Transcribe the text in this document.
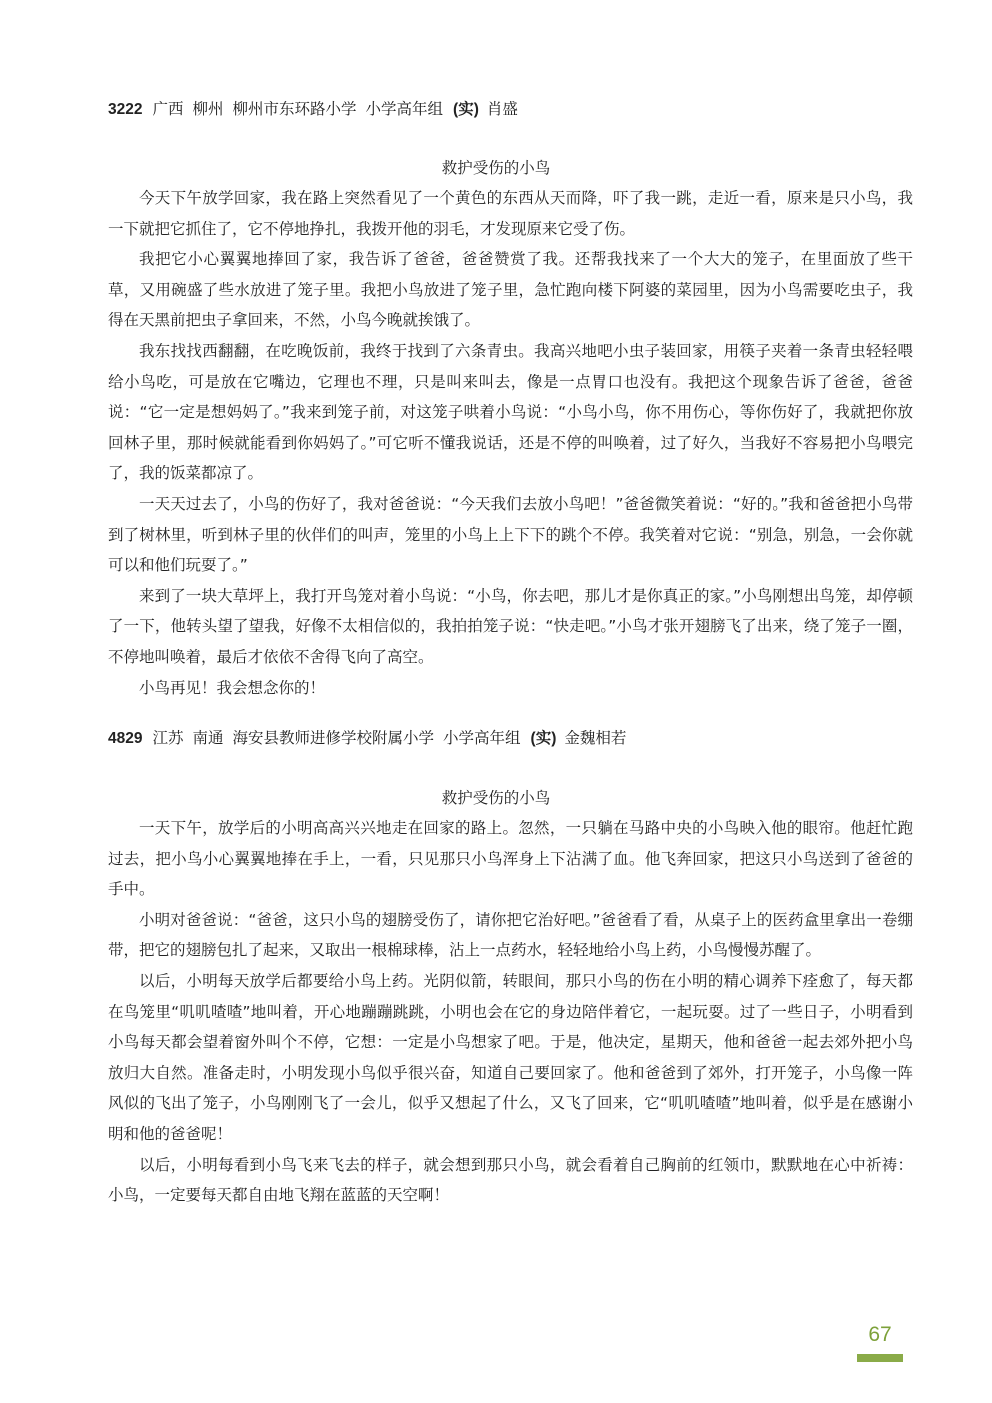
3222 广西 柳州 柳州市东环路小学 小学高年组 (实) 肖盛
救护受伤的小鸟

今天下午放学回家，我在路上突然看见了一个黄色的东西从天而降，吓了我一跳，走近一看，原来是只小鸟，我一下就把它抓住了，它不停地挣扎，我拨开他的羽毛，才发现原来它受了伤。

我把它小心翼翼地捧回了家，我告诉了爸爸，爸爸赞赏了我。还帮我找来了一个大大的笼子，在里面放了些干草，又用碗盛了些水放进了笼子里。我把小鸟放进了笼子里，急忙跑向楼下阿婆的菜园里，因为小鸟需要吃虫子，我得在天黑前把虫子拿回来，不然，小鸟今晚就挨饿了。

我东找找西翻翻，在吃晚饭前，我终于找到了六条青虫。我高兴地吧小虫子装回家，用筷子夹着一条青虫轻轻喂给小鸟吃，可是放在它嘴边，它理也不理，只是叫来叫去，像是一点胃口也没有。我把这个现象告诉了爸爸，爸爸说：“它一定是想妈妈了。”我来到笼子前，对这笼子哄着小鸟说：“小鸟小鸟，你不用伤心，等你伤好了，我就把你放回林子里，那时候就能看到你妈妈了。”可它听不懂我说话，还是不停的叫唤着，过了好久，当我好不容易把小鸟喂完了，我的饭菜都凉了。

一天天过去了，小鸟的伤好了，我对爸爸说：“今天我们去放小鸟吧！”爸爸微笑着说：“好的。”我和爸爸把小鸟带到了树林里，听到林子里的伙伴们的叫声，笼里的小鸟上上下下的跳个不停。我笑着对它说：“别急，别急，一会你就可以和他们玩耍了。”

来到了一块大草坪上，我打开鸟笼对着小鸟说：“小鸟，你去吧，那儿才是你真正的家。”小鸟刚想出鸟笼，却停顿了一下，他转头望了望我，好像不太相信似的，我拍拍笼子说：“快走吧。”小鸟才张开翅膀飞了出来，绕了笼子一圈，不停地叫唤着，最后才依依不舍得飞向了高空。

小鸟再见！我会想念你的！

4829 江苏 南通 海安县教师进修学校附属小学 小学高年组 (实) 金魏相若
救护受伤的小鸟

一天下午，放学后的小明高高兴兴地走在回家的路上。忽然，一只躺在马路中央的小鸟映入他的眼帘。他赶忙跑过去，把小鸟小心翼翼地捧在手上，一看，只见那只小鸟浑身上下沾满了血。他飞奔回家，把这只小鸟送到了爸爸的手中。

小明对爸爸说：“爸爸，这只小鸟的翅膀受伤了，请你把它治好吧。”爸爸看了看，从桌子上的医药盒里拿出一卷绷带，把它的翅膀包扎了起来，又取出一根棉球棒，沾上一点药水，轻轻地给小鸟上药，小鸟慢慢苏醒了。

以后，小明每天放学后都要给小鸟上药。光阴似箭，转眼间，那只小鸟的伤在小明的精心调养下痊愈了，每天都在鸟笼里“叽叽喳喳”地叫着，开心地蹦蹦跳跳，小明也会在它的身边陪伴着它，一起玩耍。过了一些日子，小明看到小鸟每天都会望着窗外叫个不停，它想：一定是小鸟想家了吧。于是，他决定，星期天，他和爸爸一起去郊外把小鸟放归大自然。准备走时，小明发现小鸟似乎很兴奋，知道自己要回家了。他和爸爸到了郊外，打开笼子，小鸟像一阵风似的飞出了笼子，小鸟刚刚飞了一会儿，似乎又想起了什么，又飞了回来，它“叽叽喳喳”地叫着，似乎是在感谢小明和他的爸爸呢！

以后，小明每看到小鸟飞来飞去的样子，就会想到那只小鸟，就会看着自己胸前的红领巾，默默地在心中祈祷：小鸟，一定要每天都自由地飞翔在蓝蓝的天空啊！

67
